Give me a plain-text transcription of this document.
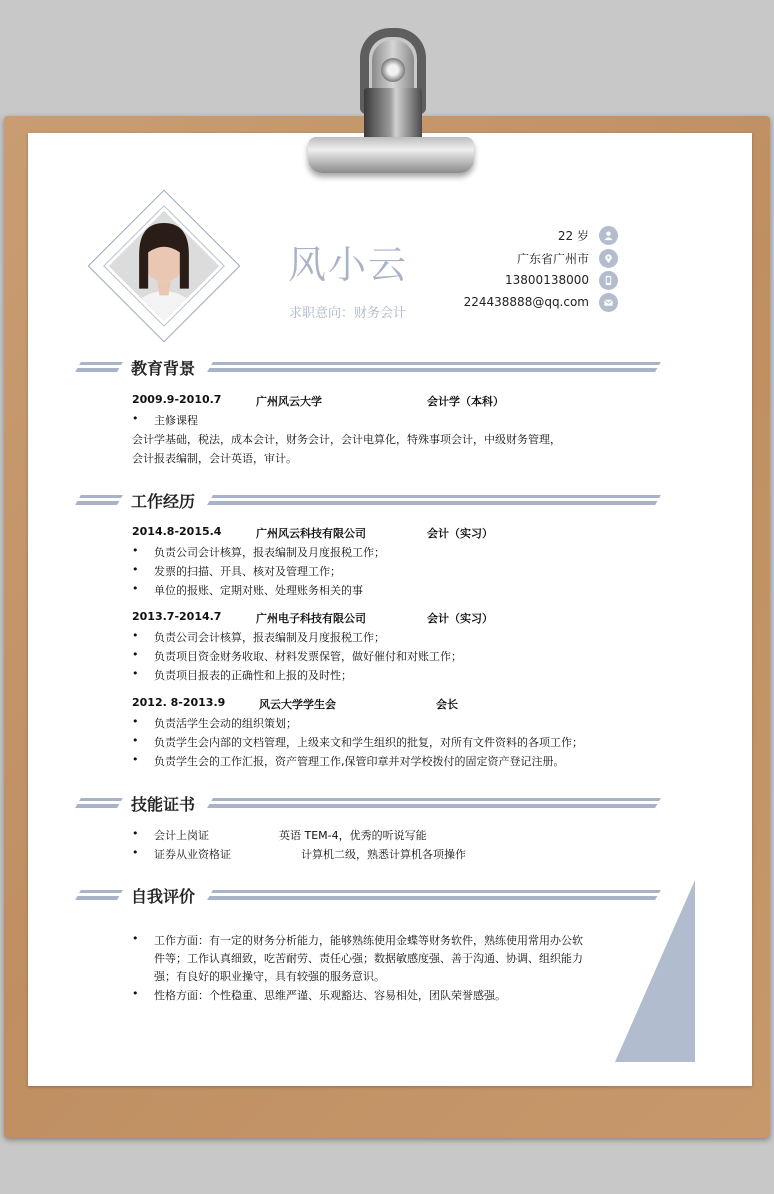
风小云
求职意向：财务会计
22 岁
广东省广州市
13800138000
224438888@qq.com
教育背景
2009.9-2010.7	广州风云大学	会计学（本科）
• 主修课程
会计学基础，税法，成本会计，财务会计，会计电算化，特殊事项会计，中级财务管理，
会计报表编制，会计英语，审计。
工作经历
2014.8-2015.4	广州风云科技有限公司	会计（实习）
• 负责公司会计核算，报表编制及月度报税工作；
• 发票的扫描、开具、核对及管理工作；
• 单位的报账、定期对账、处理账务相关的事
2013.7-2014.7	广州电子科技有限公司	会计（实习）
• 负责公司会计核算，报表编制及月度报税工作；
• 负责项目资金财务收取、材料发票保管，做好催付和对账工作；
• 负责项目报表的正确性和上报的及时性；
2012. 8-2013.9	风云大学学生会	会长
• 负责活学生会动的组织策划；
• 负责学生会内部的文档管理，上级来文和学生组织的批复，对所有文件资料的各项工作；
• 负责学生会的工作汇报，资产管理工作,保管印章并对学校拨付的固定资产登记注册。
技能证书
• 会计上岗证	英语 TEM-4，优秀的听说写能
• 证券从业资格证	计算机二级，熟悉计算机各项操作
自我评价
• 工作方面：有一定的财务分析能力，能够熟练使用金蝶等财务软件，熟练使用常用办公软
件等；工作认真细致，吃苦耐劳、责任心强；数据敏感度强、善于沟通、协调、组织能力
强；有良好的职业操守，具有较强的服务意识。
• 性格方面：个性稳重、思维严谨、乐观豁达、容易相处，团队荣誉感强。
